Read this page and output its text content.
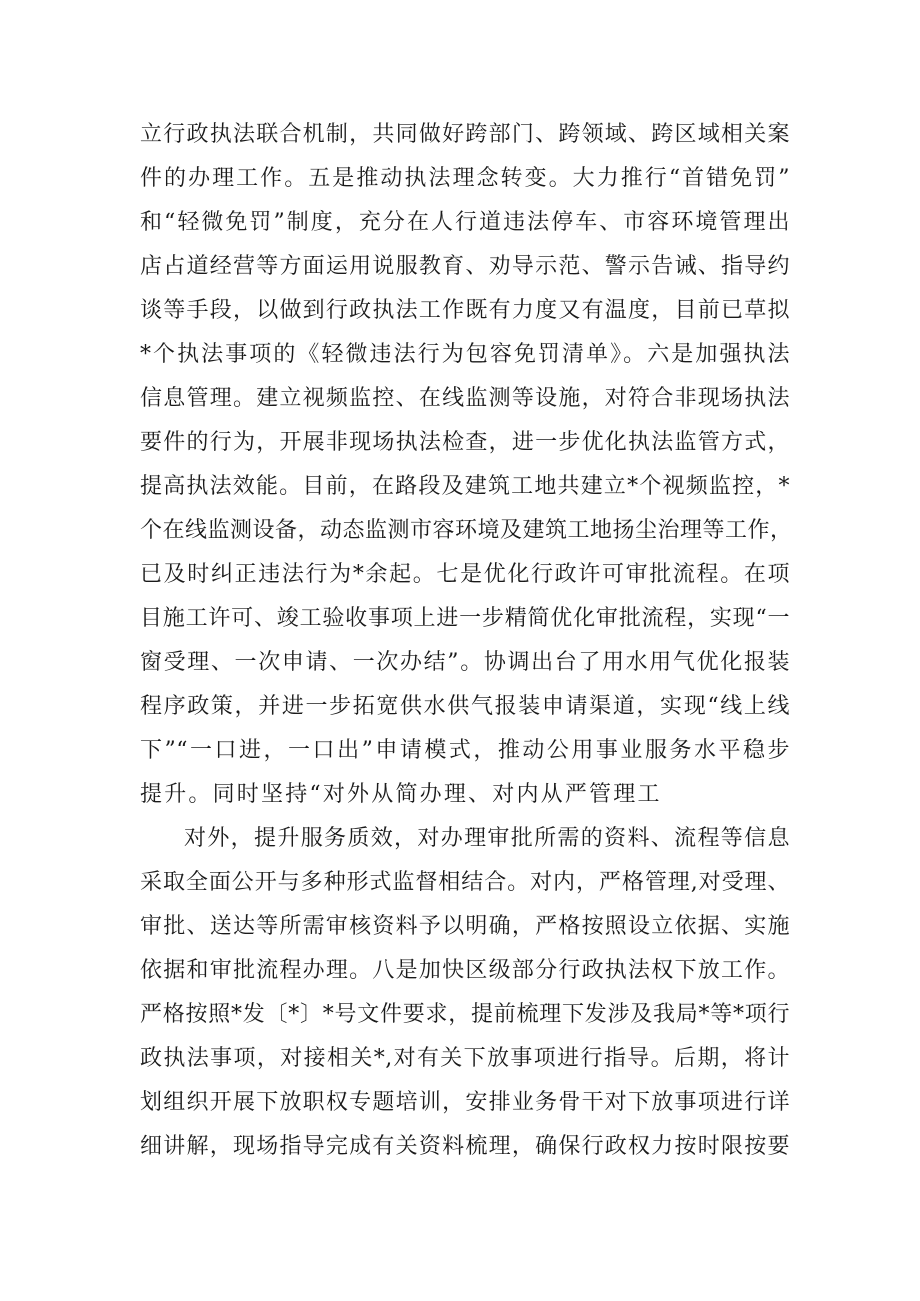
立行政执法联合机制，共同做好跨部门、跨领域、跨区域相关案
件的办理工作。五是推动执法理念转变。大力推行“首错免罚”
和“轻微免罚”制度，充分在人行道违法停车、市容环境管理出
店占道经营等方面运用说服教育、劝导示范、警示告诫、指导约
谈等手段，以做到行政执法工作既有力度又有温度，目前已草拟
*个执法事项的《轻微违法行为包容免罚清单》。六是加强执法
信息管理。建立视频监控、在线监测等设施，对符合非现场执法
要件的行为，开展非现场执法检查，进一步优化执法监管方式，
提高执法效能。目前，在路段及建筑工地共建立*个视频监控，*
个在线监测设备，动态监测市容环境及建筑工地扬尘治理等工作，
已及时纠正违法行为*余起。七是优化行政许可审批流程。在项
目施工许可、竣工验收事项上进一步精简优化审批流程，实现“一
窗受理、一次申请、一次办结”。协调出台了用水用气优化报装
程序政策，并进一步拓宽供水供气报装申请渠道，实现“线上线
下”“一口进，一口出”申请模式，推动公用事业服务水平稳步
提升。同时坚持“对外从简办理、对内从严管理工
对外，提升服务质效，对办理审批所需的资料、流程等信息
采取全面公开与多种形式监督相结合。对内，严格管理,对受理、
审批、送达等所需审核资料予以明确，严格按照设立依据、实施
依据和审批流程办理。八是加快区级部分行政执法权下放工作。
严格按照*发〔*〕*号文件要求，提前梳理下发涉及我局*等*项行
政执法事项，对接相关*,对有关下放事项进行指导。后期，将计
划组织开展下放职权专题培训，安排业务骨干对下放事项进行详
细讲解，现场指导完成有关资料梳理，确保行政权力按时限按要
